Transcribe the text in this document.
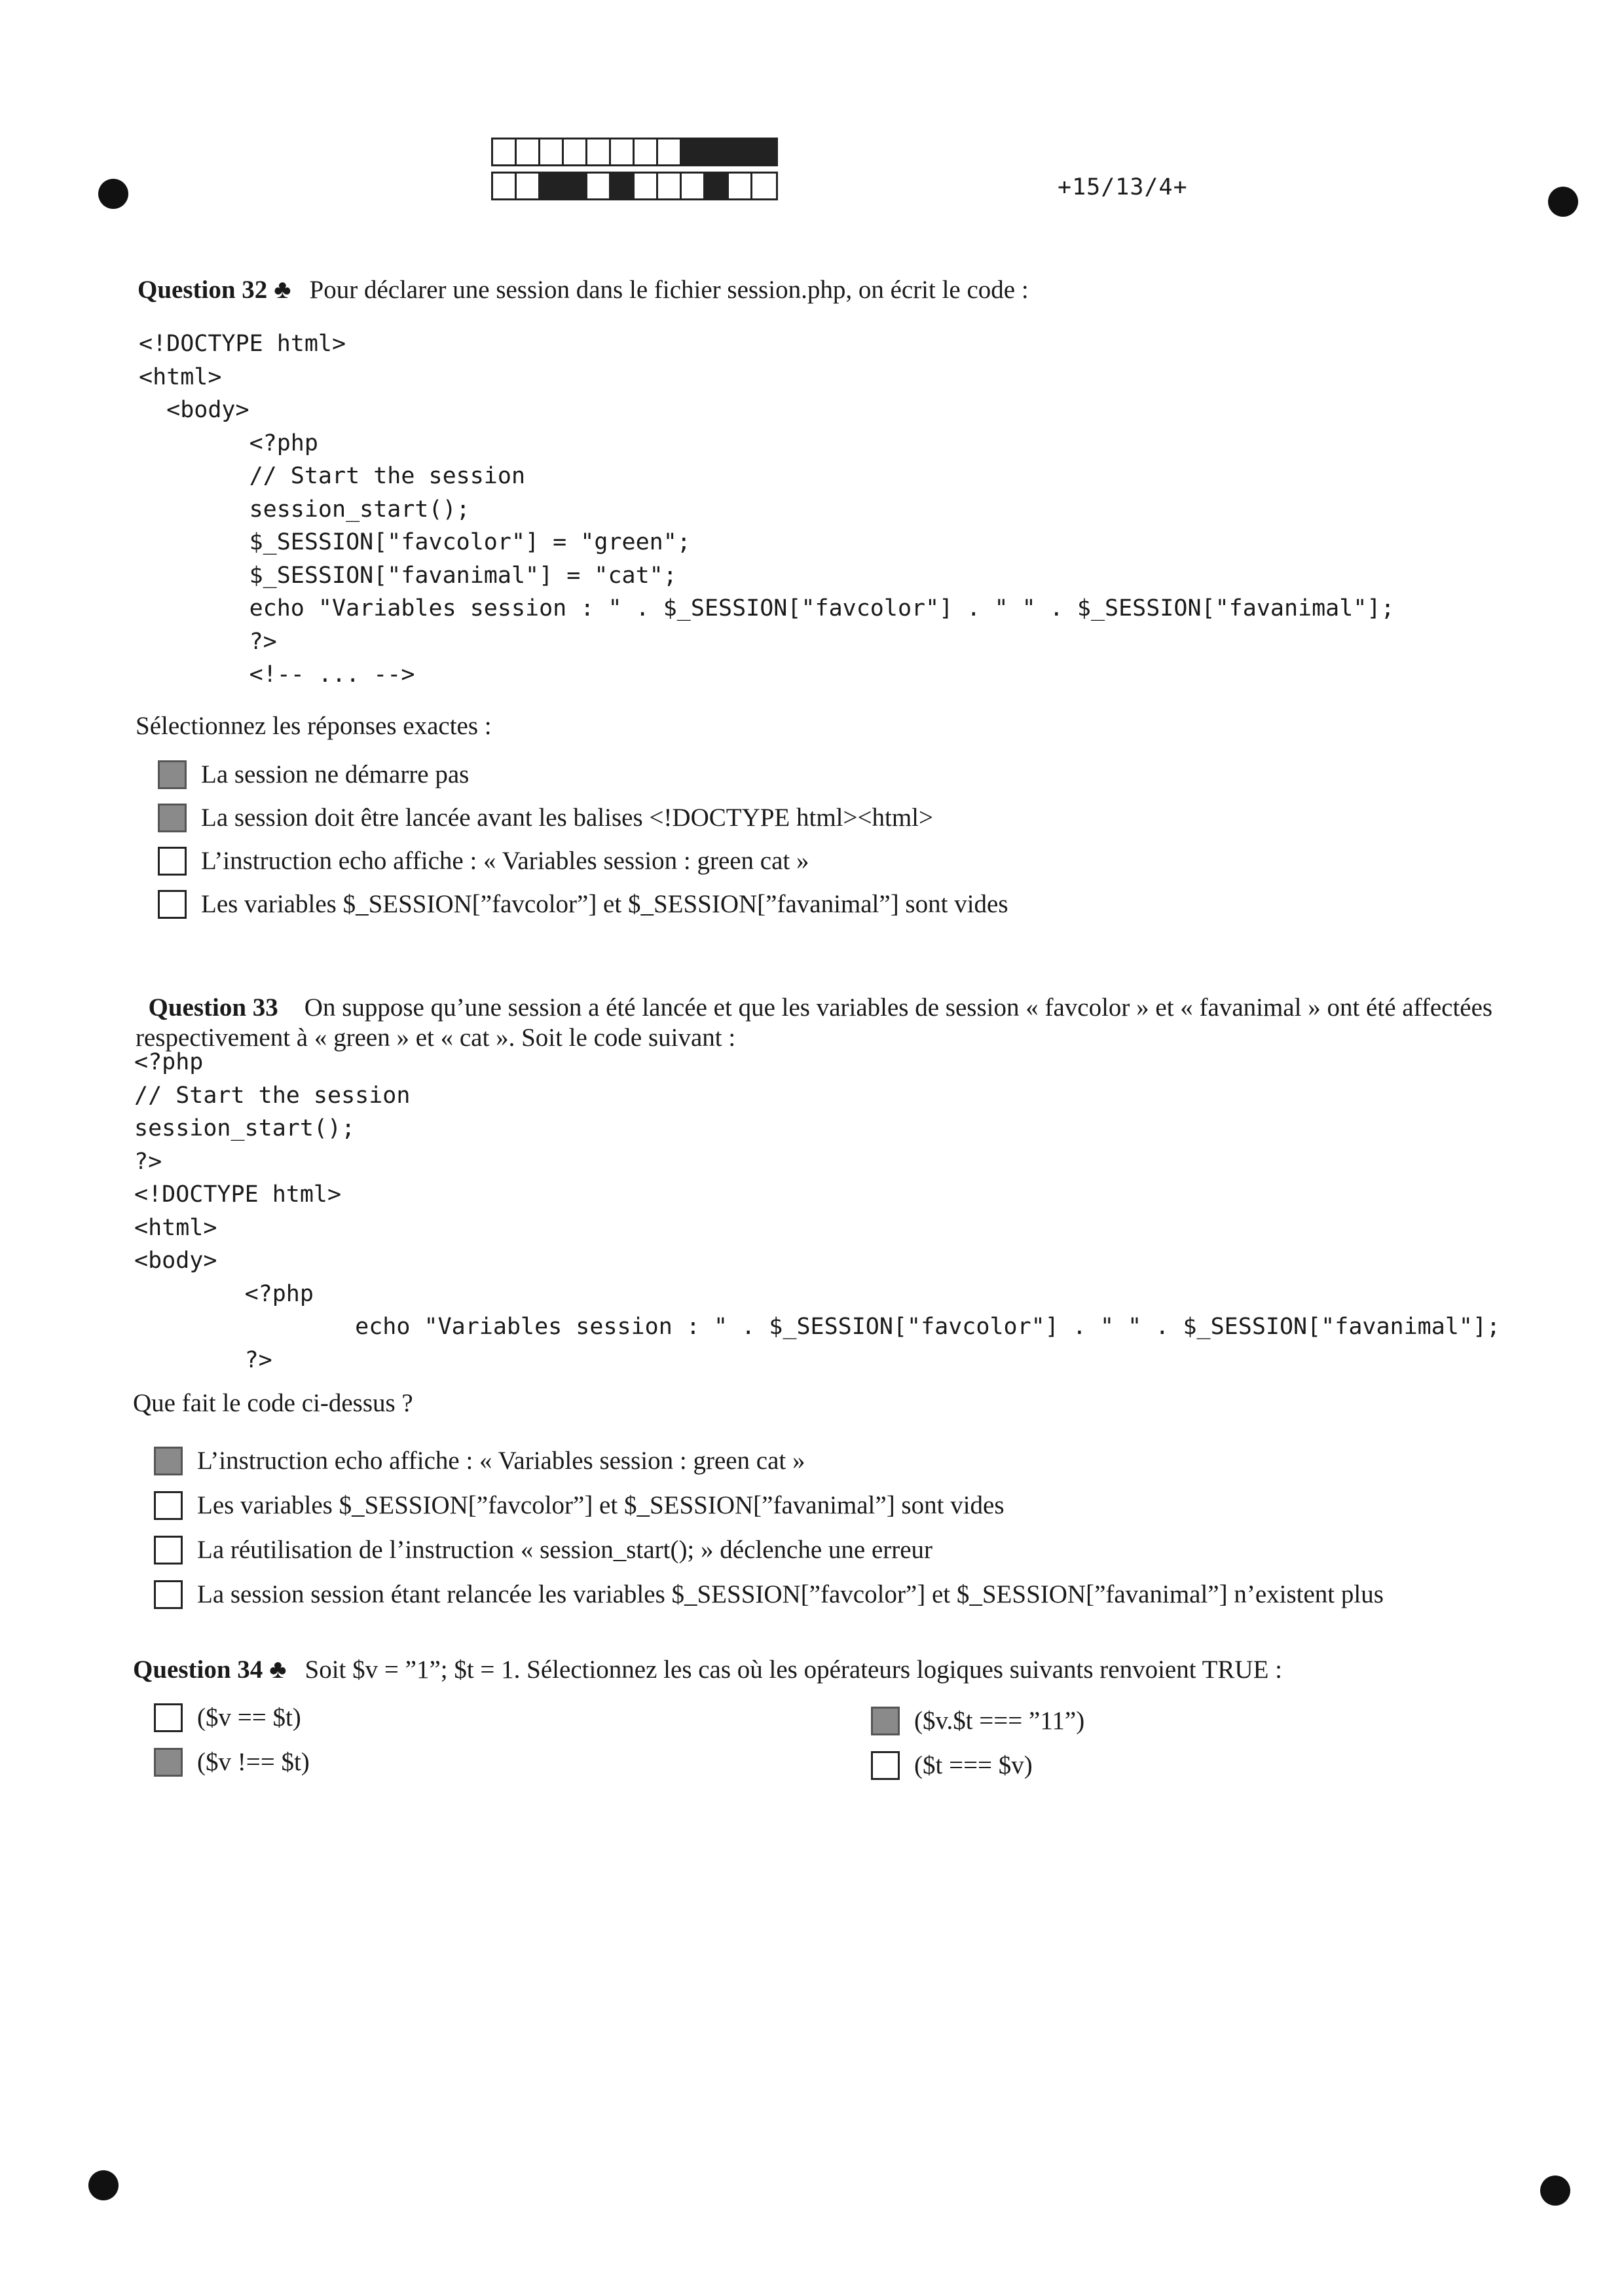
+15/13/4+
Question 32 ♣ Pour déclarer une session dans le fichier session.php, on écrit le code :
<!DOCTYPE html>
<html>
<body>
<?php
// Start the session
session_start();
$_SESSION["favcolor"] = "green";
$_SESSION["favanimal"] = "cat";
echo "Variables session : " . $_SESSION["favcolor"] . " " . $_SESSION["favanimal"];
?>
<!-- ... -->
Sélectionnez les réponses exactes :
La session ne démarre pas
La session doit être lancée avant les balises <!DOCTYPE html><html>
L’instruction echo affiche : « Variables session : green cat »
Les variables $_SESSION[”favcolor”] et $_SESSION[”favanimal”] sont vides

Question 33 On suppose qu’une session a été lancée et que les variables de session « favcolor » et « favanimal » ont été affectées respectivement à « green » et « cat ». Soit le code suivant :

<?php
// Start the session
session_start();
?>
<!DOCTYPE html>
<html>
<body>
<?php
echo "Variables session : " . $_SESSION["favcolor"] . " " . $_SESSION["favanimal"];
?>
Que fait le code ci-dessus ?
L’instruction echo affiche : « Variables session : green cat »
Les variables $_SESSION[”favcolor”] et $_SESSION[”favanimal”] sont vides
La réutilisation de l’instruction « session_start(); » déclenche une erreur
La session session étant relancée les variables $_SESSION[”favcolor”] et $_SESSION[”favanimal”] n’existent plus
Question 34 ♣ Soit $v = ”1”; $t = 1. Sélectionnez les cas où les opérateurs logiques suivants renvoient TRUE :
($v == $t)
($v !== $t)
($v.$t === ”11”)
($t === $v)
